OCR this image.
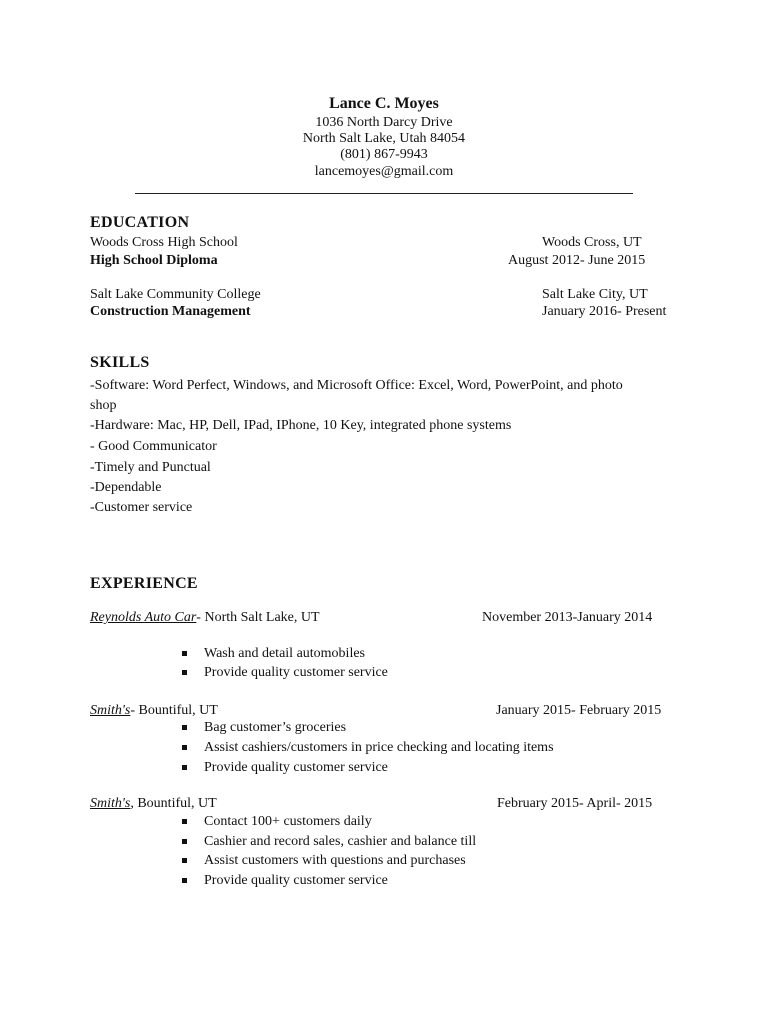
Lance C. Moyes
1036 North Darcy Drive
North Salt Lake, Utah 84054
(801) 867-9943
lancemoyes@gmail.com
EDUCATION
Woods Cross High School	Woods Cross, UT
High School Diploma	August 2012- June 2015
Salt Lake Community College	Salt Lake City, UT
Construction Management	January 2016- Present
SKILLS
-Software: Word Perfect, Windows, and Microsoft Office: Excel, Word, PowerPoint, and photo
shop
-Hardware: Mac, HP, Dell, IPad, IPhone, 10 Key, integrated phone systems
- Good Communicator
-Timely and Punctual
-Dependable
-Customer service
EXPERIENCE
Reynolds Auto Car- North Salt Lake, UT	November 2013-January 2014
Wash and detail automobiles
Provide quality customer service
Smith's- Bountiful, UT	January 2015- February 2015
Bag customer’s groceries
Assist cashiers/customers in price checking and locating items
Provide quality customer service
Smith's, Bountiful, UT	February 2015- April- 2015
Contact 100+ customers daily
Cashier and record sales, cashier and balance till
Assist customers with questions and purchases
Provide quality customer service
